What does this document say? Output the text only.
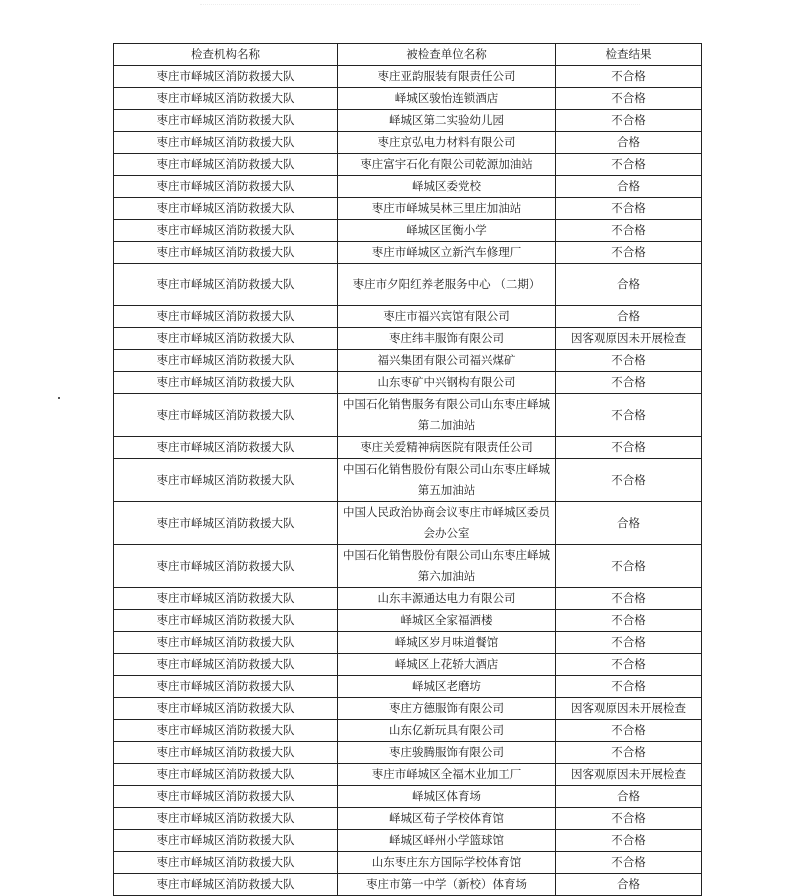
检查机构名称	被检查单位名称	检查结果
枣庄市峄城区消防救援大队	枣庄亚韵服装有限责任公司	不合格
枣庄市峄城区消防救援大队	峄城区骏怡连锁酒店	不合格
枣庄市峄城区消防救援大队	峄城区第二实验幼儿园	不合格
枣庄市峄城区消防救援大队	枣庄京弘电力材料有限公司	合格
枣庄市峄城区消防救援大队	枣庄富宇石化有限公司乾源加油站	不合格
枣庄市峄城区消防救援大队	峄城区委党校	合格
枣庄市峄城区消防救援大队	枣庄市峄城吴林三里庄加油站	不合格
枣庄市峄城区消防救援大队	峄城区匡衡小学	不合格
枣庄市峄城区消防救援大队	枣庄市峄城区立新汽车修理厂	不合格
枣庄市峄城区消防救援大队	枣庄市夕阳红养老服务中心 （二期）	合格
枣庄市峄城区消防救援大队	枣庄市福兴宾馆有限公司	合格
枣庄市峄城区消防救援大队	枣庄纬丰服饰有限公司	因客观原因未开展检查
枣庄市峄城区消防救援大队	福兴集团有限公司福兴煤矿	不合格
枣庄市峄城区消防救援大队	山东枣矿中兴钢构有限公司	不合格
枣庄市峄城区消防救援大队	中国石化销售服务有限公司山东枣庄峄城第二加油站	不合格
枣庄市峄城区消防救援大队	枣庄关爱精神病医院有限责任公司	不合格
枣庄市峄城区消防救援大队	中国石化销售股份有限公司山东枣庄峄城第五加油站	不合格
枣庄市峄城区消防救援大队	中国人民政治协商会议枣庄市峄城区委员会办公室	合格
枣庄市峄城区消防救援大队	中国石化销售股份有限公司山东枣庄峄城第六加油站	不合格
枣庄市峄城区消防救援大队	山东丰源通达电力有限公司	不合格
枣庄市峄城区消防救援大队	峄城区全家福酒楼	不合格
枣庄市峄城区消防救援大队	峄城区岁月味道餐馆	不合格
枣庄市峄城区消防救援大队	峄城区上花轿大酒店	不合格
枣庄市峄城区消防救援大队	峄城区老磨坊	不合格
枣庄市峄城区消防救援大队	枣庄方德服饰有限公司	因客观原因未开展检查
枣庄市峄城区消防救援大队	山东亿新玩具有限公司	不合格
枣庄市峄城区消防救援大队	枣庄骏腾服饰有限公司	不合格
枣庄市峄城区消防救援大队	枣庄市峄城区全福木业加工厂	因客观原因未开展检查
枣庄市峄城区消防救援大队	峄城区体育场	合格
枣庄市峄城区消防救援大队	峄城区荀子学校体育馆	不合格
枣庄市峄城区消防救援大队	峄城区峄州小学篮球馆	不合格
枣庄市峄城区消防救援大队	山东枣庄东方国际学校体育馆	不合格
枣庄市峄城区消防救援大队	枣庄市第一中学（新校）体育场	合格
